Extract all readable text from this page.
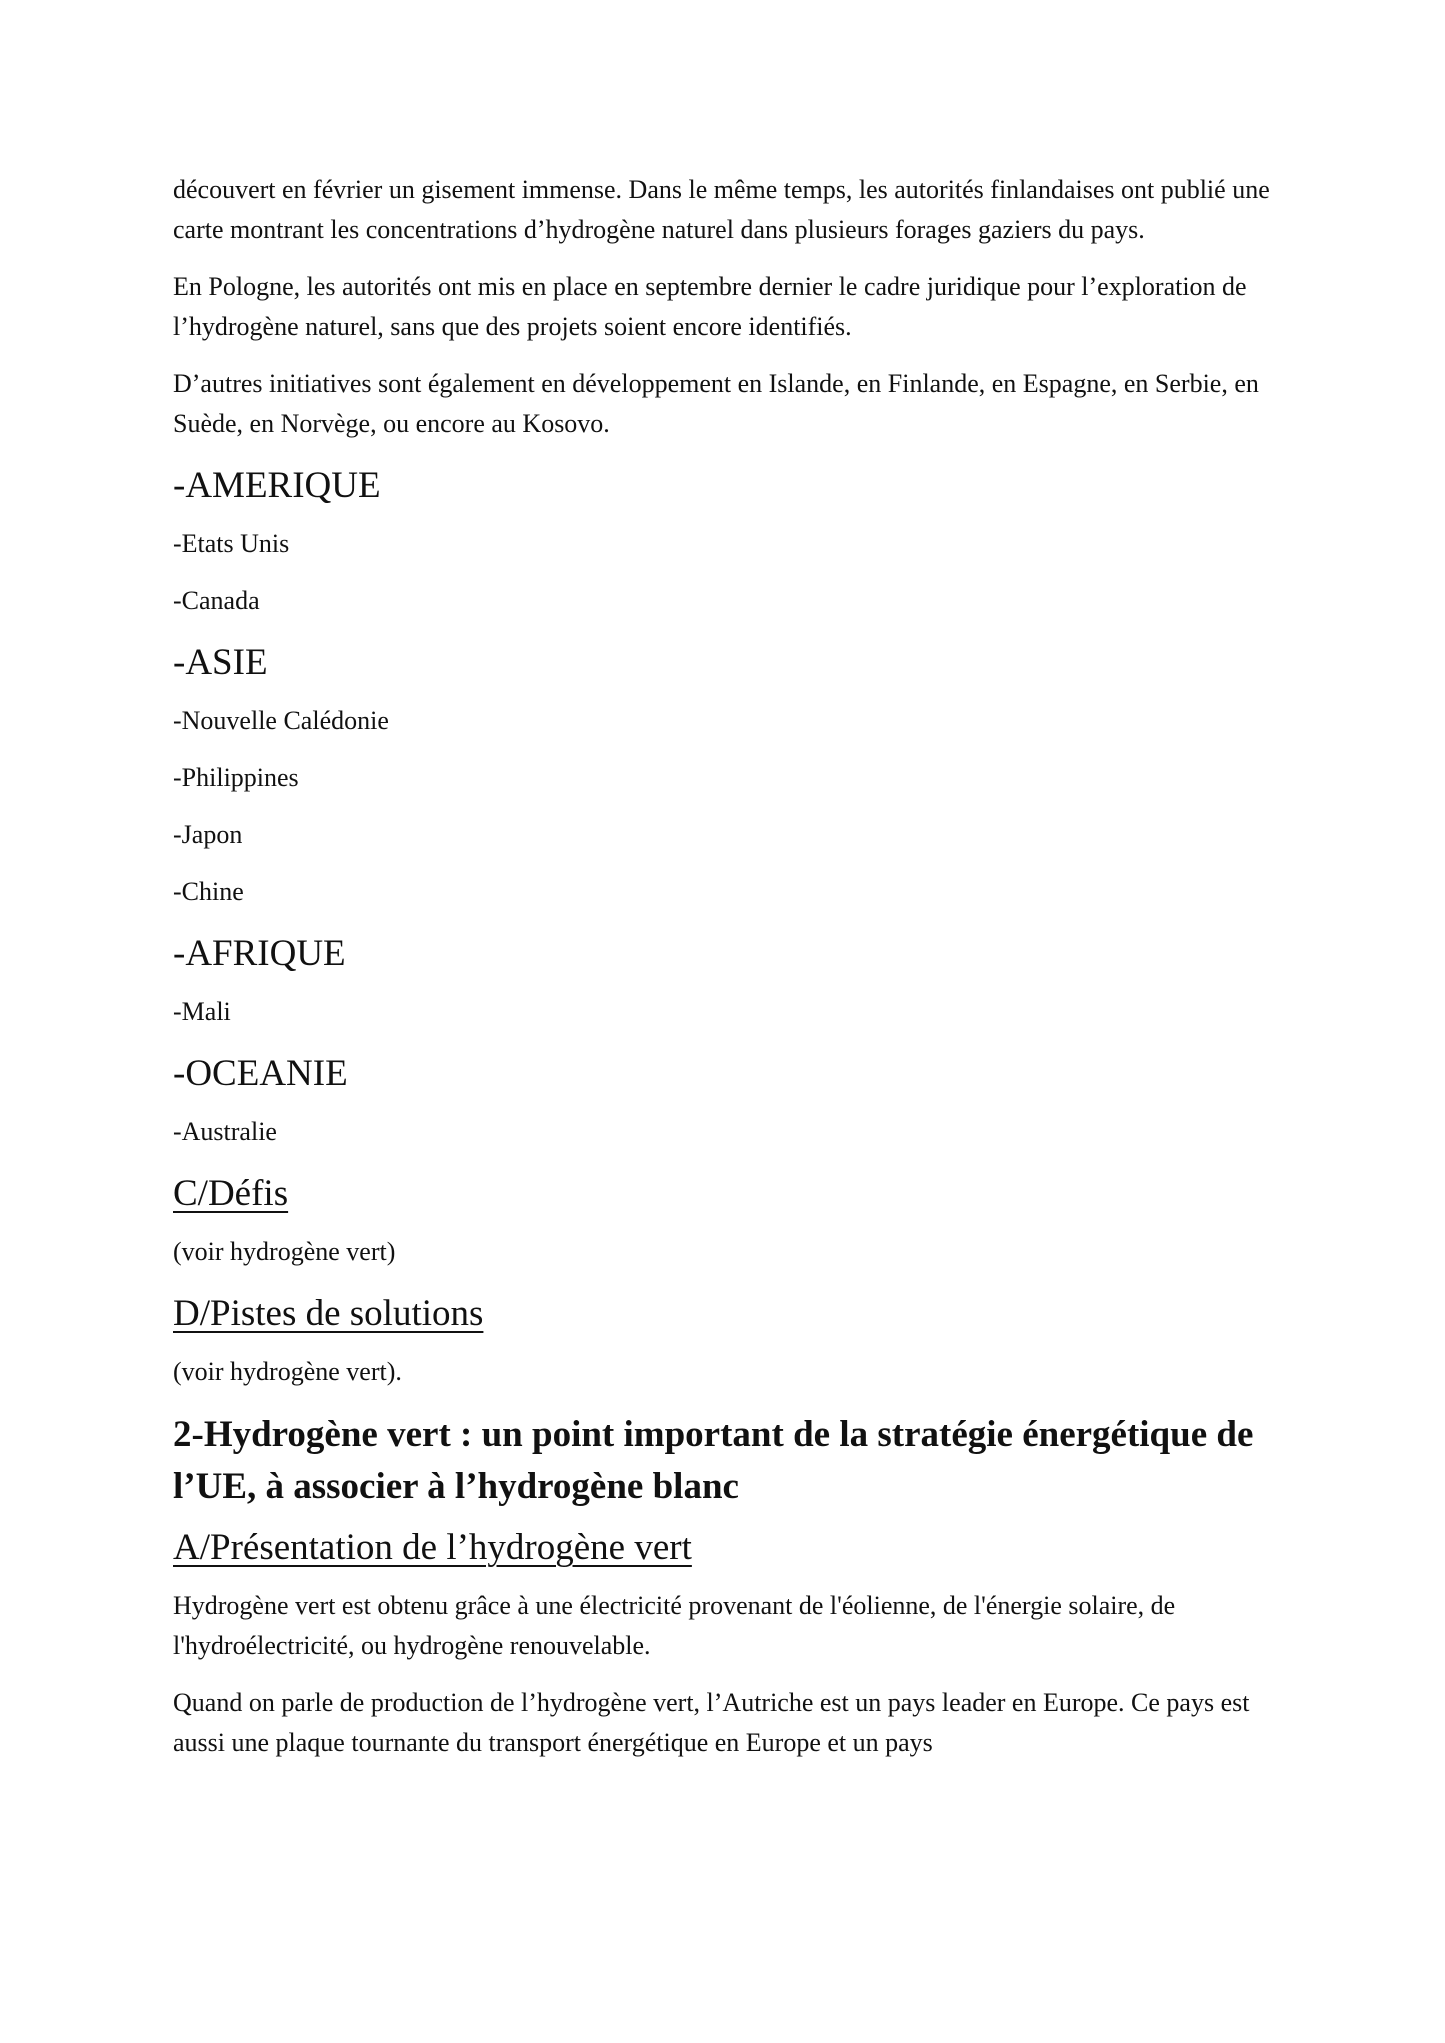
découvert en février un gisement immense. Dans le même temps, les autorités finlandaises ont publié une carte montrant les concentrations d’hydrogène naturel dans plusieurs forages gaziers du pays.

En Pologne, les autorités ont mis en place en septembre dernier le cadre juridique pour l’exploration de l’hydrogène naturel, sans que des projets soient encore identifiés.

D’autres initiatives sont également en développement en Islande, en Finlande, en Espagne, en Serbie, en Suède, en Norvège, ou encore au Kosovo.

-AMERIQUE

-Etats Unis

-Canada

-ASIE

-Nouvelle Calédonie

-Philippines

-Japon

-Chine

-AFRIQUE

-Mali

-OCEANIE

-Australie

C/Défis

(voir hydrogène vert)

D/Pistes de solutions

(voir hydrogène vert).

2-Hydrogène vert : un point important de la stratégie énergétique de l’UE, à associer à l’hydrogène blanc
A/Présentation de l’hydrogène vert

Hydrogène vert est obtenu grâce à une électricité provenant de l'éolienne, de l'énergie solaire, de l'hydroélectricité, ou hydrogène renouvelable.

Quand on parle de production de l’hydrogène vert, l’Autriche est un pays leader en Europe. Ce pays est aussi une plaque tournante du transport énergétique en Europe et un pays
